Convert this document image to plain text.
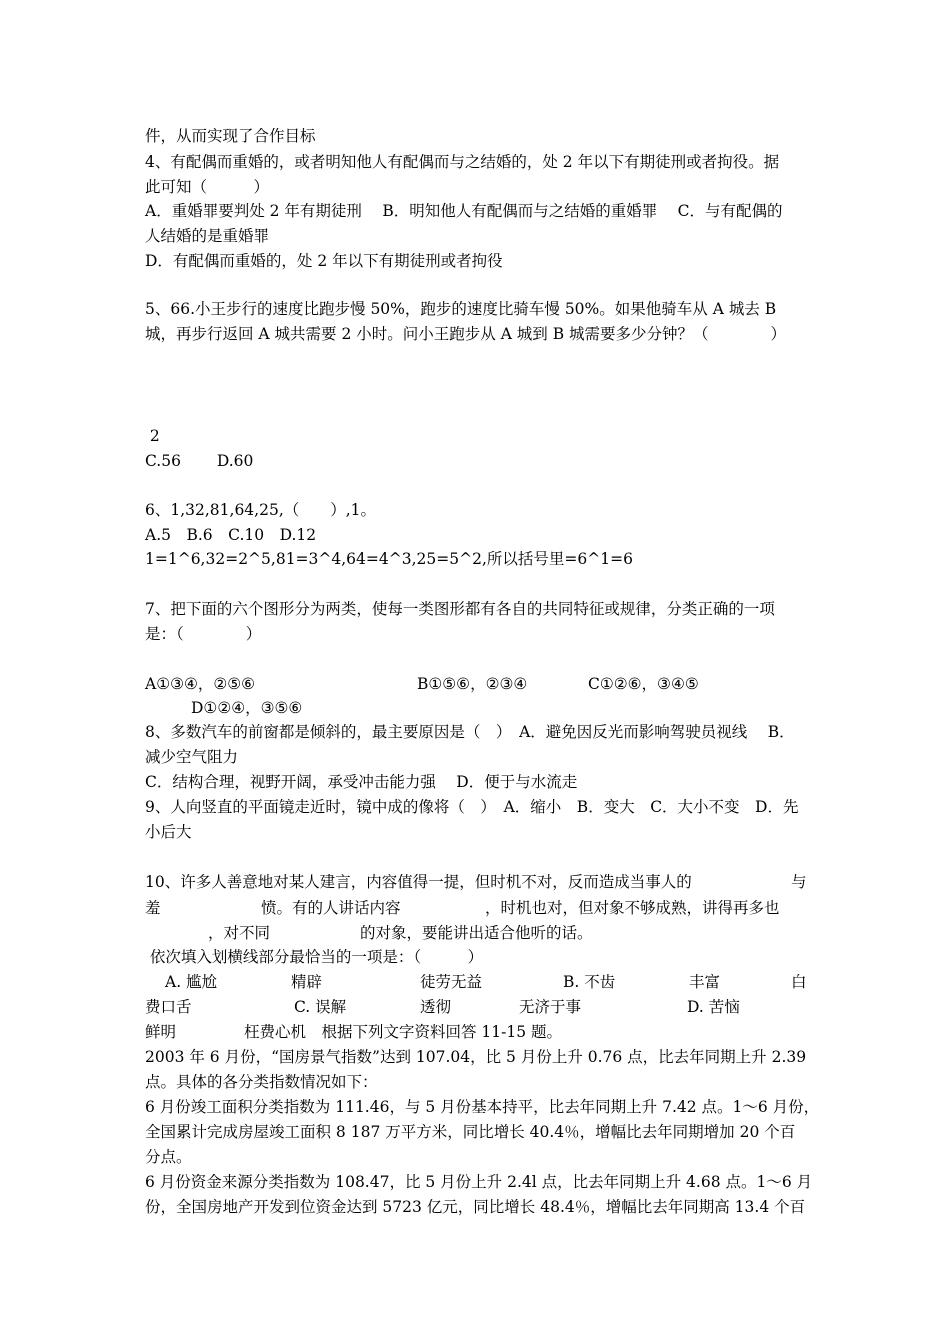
件，从而实现了合作目标
4、有配偶而重婚的，或者明知他人有配偶而与之结婚的，处 2 年以下有期徒刑或者拘役。据
此可知（　　　）
A．重婚罪要判处 2 年有期徒刑　 B．明知他人有配偶而与之结婚的重婚罪　 C．与有配偶的
人结婚的是重婚罪
D．有配偶而重婚的，处 2 年以下有期徒刑或者拘役
5、66.小王步行的速度比跑步慢 50%，跑步的速度比骑车慢 50%。如果他骑车从 A 城去 B
城，再步行返回 A 城共需要 2 小时。问小王跑步从 A 城到 B 城需要多少分钟？（　　　　）
2
C.56　　 D.60
6、1,32,81,64,25,（　　）,1。
A.5　B.6　C.10　D.12
1=1^6,32=2^5,81=3^4,64=4^3,25=5^2,所以括号里=6^1=6
7、把下面的六个图形分为两类，使每一类图形都有各自的共同特征或规律，分类正确的一项
是：（　　　　）
A①③④，②⑤⑥	B①⑤⑥，②③④	C①②⑥，③④⑤
D①②④，③⑤⑥
8、多数汽车的前窗都是倾斜的，最主要原因是（　）　A．避免因反光而影响驾驶员视线　 B．
减少空气阻力
C．结构合理，视野开阔，承受冲击能力强　 D．便于与水流走
9、人向竖直的平面镜走近时，镜中成的像将（　）　A．缩小　B．变大　C．大小不变　D．先
小后大
10、许多人善意地对某人建言，内容值得一提，但时机不对，反而造成当事人的	与
羞	愤。有的人讲话内容	，时机也对，但对象不够成熟，讲得再多也
，对不同	的对象，要能讲出适合他听的话。
依次填入划横线部分最恰当的一项是：（　　　）
A. 尴尬	精辟	徒劳无益	B. 不齿	丰富	白
费口舌	C. 误解	透彻	无济于事	D. 苦恼
鲜明	枉费心机　根据下列文字资料回答 11-15 题。
2003 年 6 月份，“国房景气指数”达到 107.04，比 5 月份上升 0.76 点，比去年同期上升 2.39
点。具体的各分类指数情况如下：
6 月份竣工面积分类指数为 111.46，与 5 月份基本持平，比去年同期上升 7.42 点。1～6 月份，
全国累计完成房屋竣工面积 8 187 万平方米，同比增长 40.4％，增幅比去年同期增加 20 个百
分点。
6 月份资金来源分类指数为 108.47，比 5 月份上升 2.4l 点，比去年同期上升 4.68 点。1～6 月
份，全国房地产开发到位资金达到 5723 亿元，同比增长 48.4％，增幅比去年同期高 13.4 个百
